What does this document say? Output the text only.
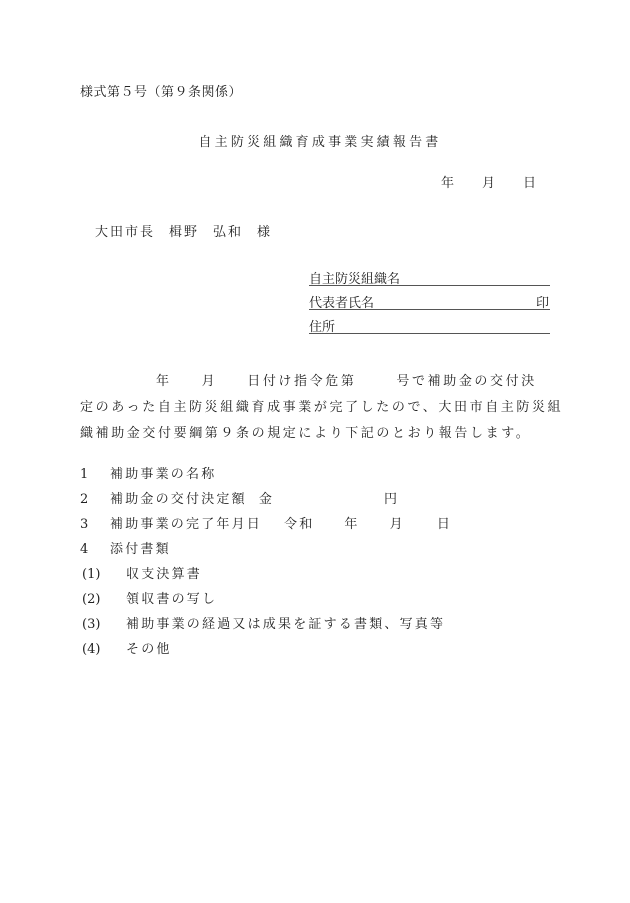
様式第５号（第９条関係）
自主防災組織育成事業実績報告書
年 月 日
大田市長 楫野 弘和 様
自主防災組織名
代表者氏名	印
住所
年 月 日付け指令危第	号で補助金の交付決
定のあった自主防災組織育成事業が完了したので、大田市自主防災組
織補助金交付要綱第９条の規定により下記のとおり報告します。
1 補助事業の名称
2 補助金の交付決定額 金	円
3 補助事業の完了年月日 令和 年 月 日
4 添付書類
(1) 収支決算書
(2) 領収書の写し
(3) 補助事業の経過又は成果を証する書類、写真等
(4) その他
